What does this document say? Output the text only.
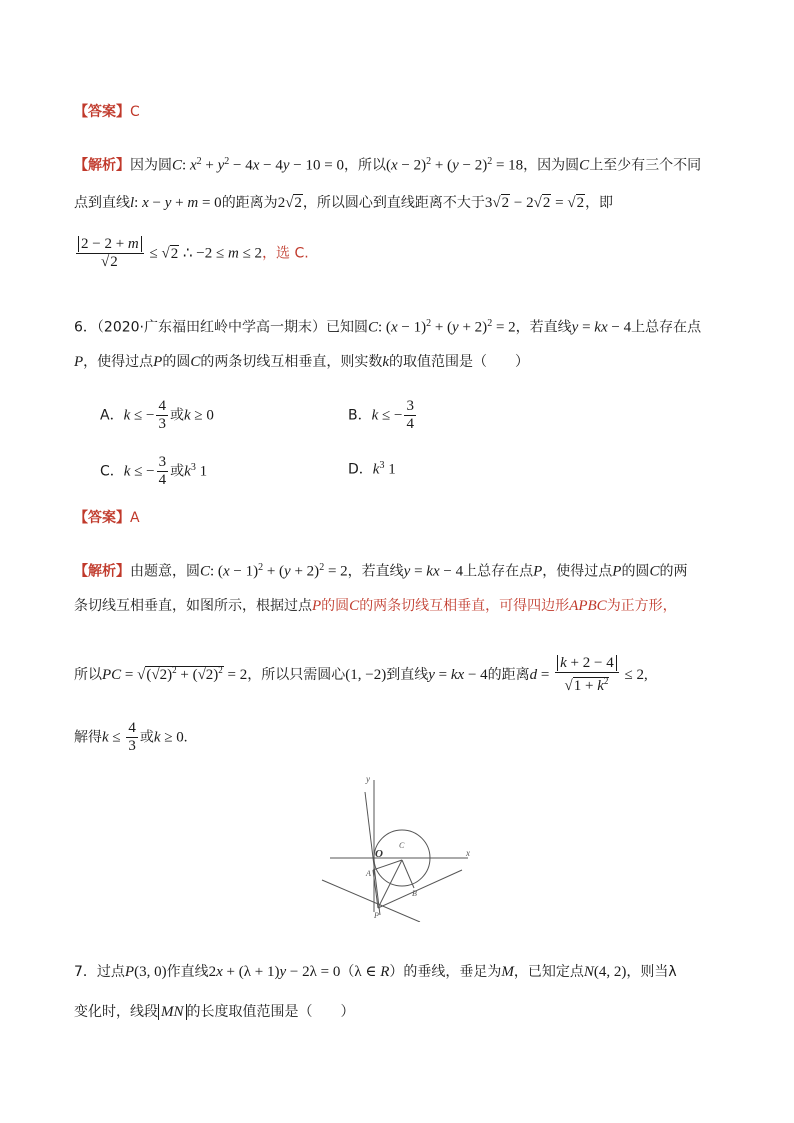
【答案】C
【解析】因为圆C: $x^2 + y^2 - 4x - 4y - 10 = 0$，所以$(x - 2)^2 + (y - 2)^2 = 18$，因为圆C上至少有三个不同
点到直线l: x − y + m = 0的距离为2√2，所以圆心到直线距离不大于3√2 − 2√2 = √2，即
$\frac{2 - 2 + m}{√2} \le √2$ ∴ −2 ≤ m ≤ 2，选 C.
6．（2020·广东福田红岭中学高一期末）已知圆C: $(x - 1)^2 + (y + 2)^2 = 2$，若直线y = kx − 4上总存在点
P，使得过点P的圆C的两条切线互相垂直，则实数k的取值范围是（　　）
A．k ≤ − $\frac{4}{3}$ 或k ≥ 0	B．k ≤ − $\frac{3}{4}$
C．k ≤ − $\frac{3}{4}$ 或$k^3$ 1	D．$k^3$ 1
【答案】A
【解析】由题意，圆C: $(x - 1)^2 + (y + 2)^2 = 2$，若直线y = kx − 4上总存在点P，使得过点P的圆C的两
条切线互相垂直，如图所示，根据过点P的圆C的两条切线互相垂直，可得四边形APBC为正方形，
所以PC = $√(√2)^2 + (√2)^2 = 2$，所以只需圆心(1, −2)到直线y = kx − 4的距离$d = \frac{k + 2 - 4}{√1 + k^2} \le 2$,
解得$k \le \frac{4}{3}$ 或k ≥ 0.
x
y
O
C
A
B
P
7．过点P(3, 0)作直线2x + (λ + 1)y − 2λ = 0（λ ∈ R）的垂线，垂足为M，已知定点N(4, 2)，则当λ
变化时，线段 MN 的长度取值范围是（　　）
